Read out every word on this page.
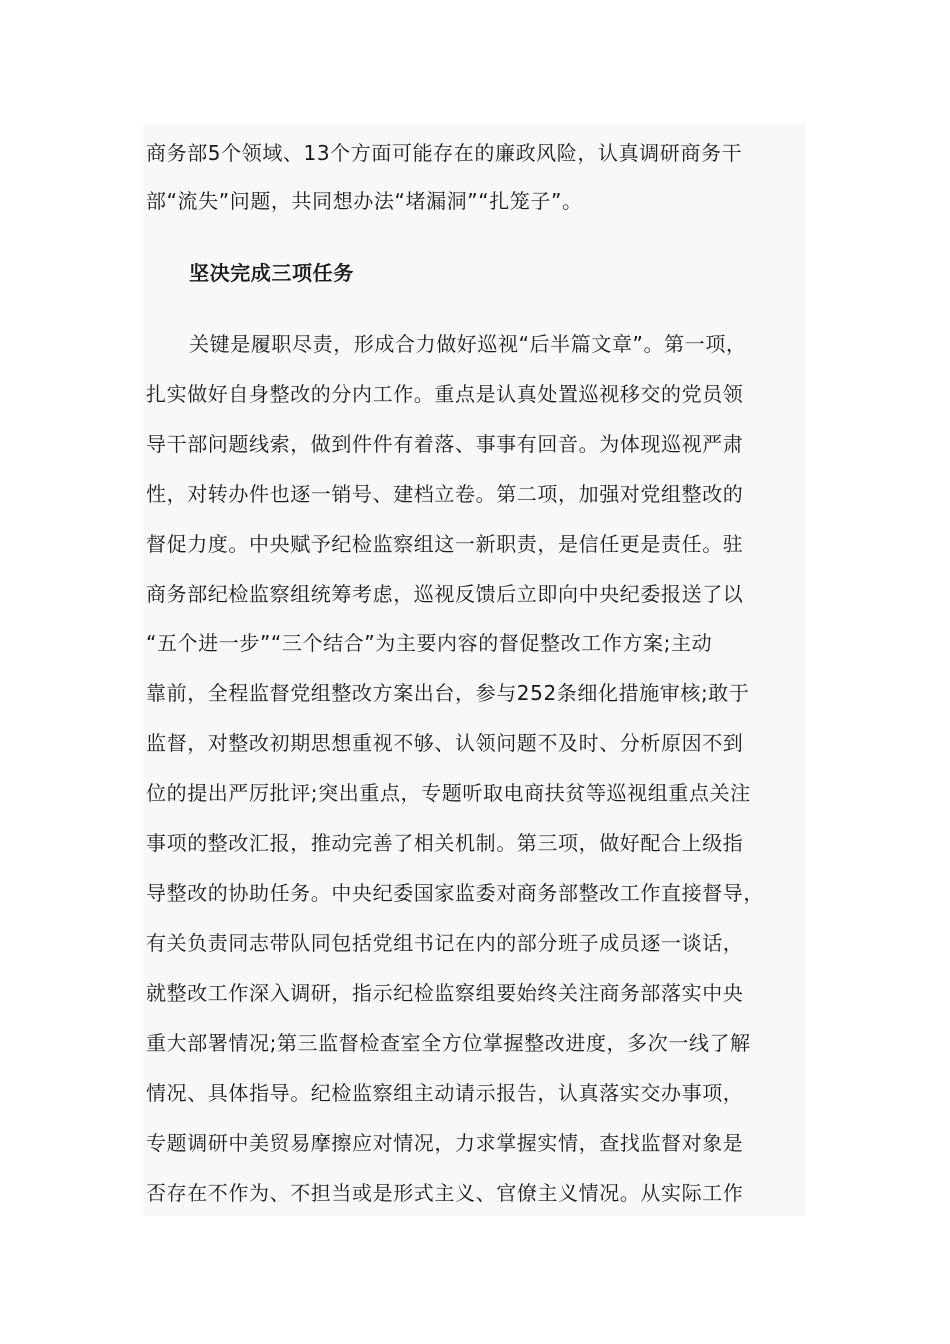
商务部5个领域、13个方面可能存在的廉政风险，认真调研商务干
部“流失”问题，共同想办法“堵漏洞”“扎笼子”。
坚决完成三项任务
关键是履职尽责，形成合力做好巡视“后半篇文章”。第一项，
扎实做好自身整改的分内工作。重点是认真处置巡视移交的党员领
导干部问题线索，做到件件有着落、事事有回音。为体现巡视严肃
性，对转办件也逐一销号、建档立卷。第二项，加强对党组整改的
督促力度。中央赋予纪检监察组这一新职责，是信任更是责任。驻
商务部纪检监察组统筹考虑，巡视反馈后立即向中央纪委报送了以
“五个进一步”“三个结合”为主要内容的督促整改工作方案;主动
靠前，全程监督党组整改方案出台，参与252条细化措施审核;敢于
监督，对整改初期思想重视不够、认领问题不及时、分析原因不到
位的提出严厉批评;突出重点，专题听取电商扶贫等巡视组重点关注
事项的整改汇报，推动完善了相关机制。第三项，做好配合上级指
导整改的协助任务。中央纪委国家监委对商务部整改工作直接督导，
有关负责同志带队同包括党组书记在内的部分班子成员逐一谈话，
就整改工作深入调研，指示纪检监察组要始终关注商务部落实中央
重大部署情况;第三监督检查室全方位掌握整改进度，多次一线了解
情况、具体指导。纪检监察组主动请示报告，认真落实交办事项，
专题调研中美贸易摩擦应对情况，力求掌握实情，查找监督对象是
否存在不作为、不担当或是形式主义、官僚主义情况。从实际工作
